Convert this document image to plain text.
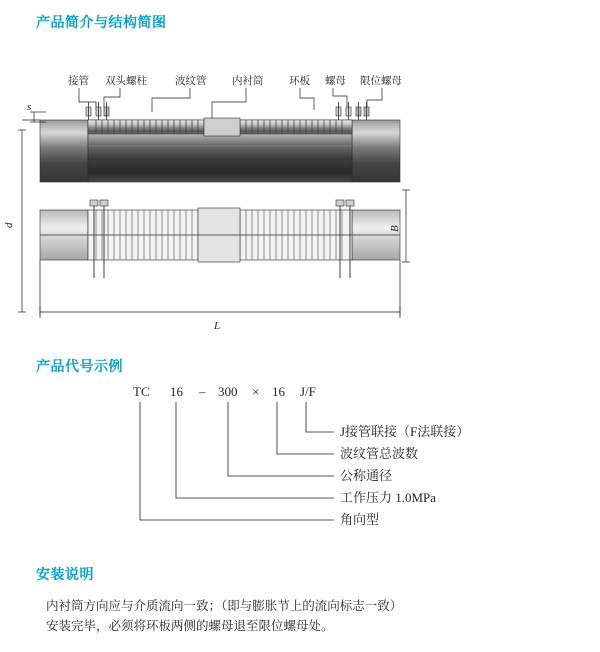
产品简介与结构简图
产品代号示例
安装说明
接管 双头螺柱	波纹管 内衬筒 环板 螺母 限位螺母
s
d
B
L
TC 16 – 300 × 16 J/F
J接管联接（F法联接）
波纹管总波数
公称通径
工作压力 1.0MPa
角向型
内衬筒方向应与介质流向一致；（即与膨胀节上的流向标志一致）
安装完毕，必须将环板两侧的螺母退至限位螺母处。
